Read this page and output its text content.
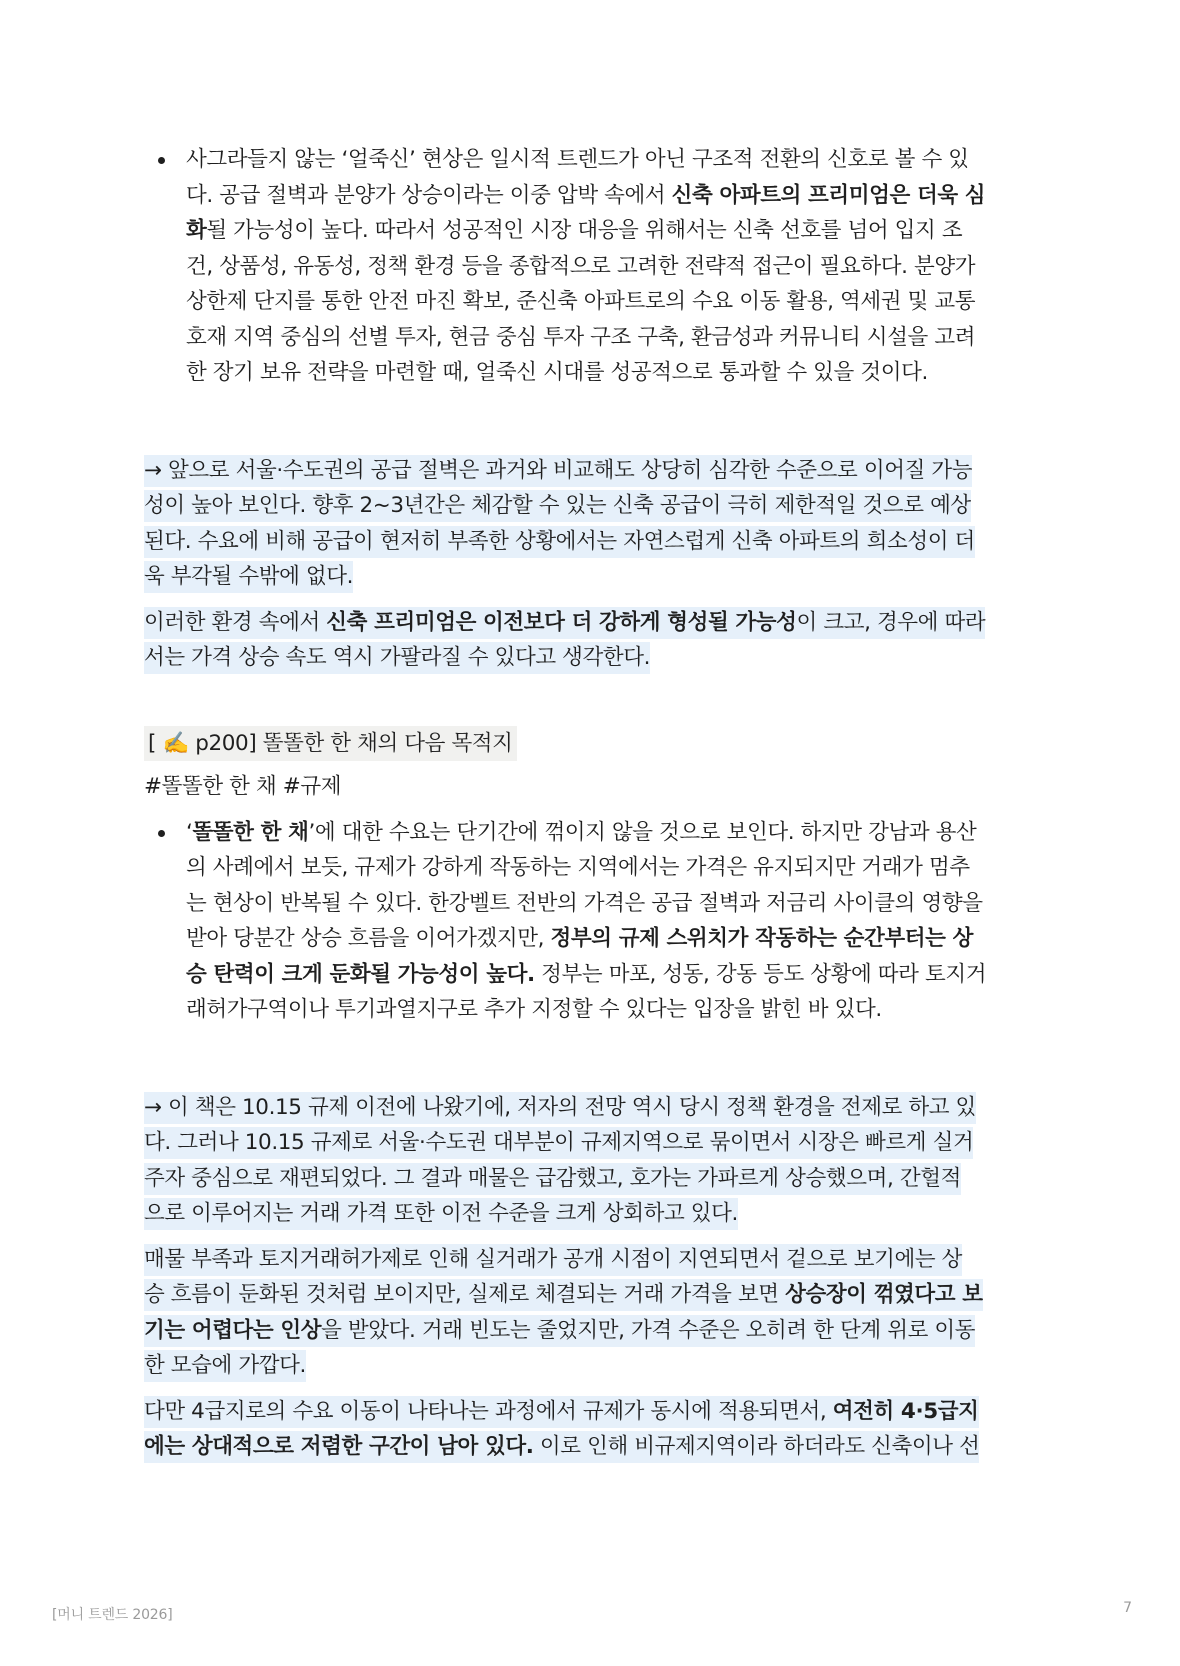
사그라들지 않는 ‘얼죽신’ 현상은 일시적 트렌드가 아닌 구조적 전환의 신호로 볼 수 있
다. 공급 절벽과 분양가 상승이라는 이중 압박 속에서 신축 아파트의 프리미엄은 더욱 심
화될 가능성이 높다. 따라서 성공적인 시장 대응을 위해서는 신축 선호를 넘어 입지 조
건, 상품성, 유동성, 정책 환경 등을 종합적으로 고려한 전략적 접근이 필요하다. 분양가
상한제 단지를 통한 안전 마진 확보, 준신축 아파트로의 수요 이동 활용, 역세권 및 교통
호재 지역 중심의 선별 투자, 현금 중심 투자 구조 구축, 환금성과 커뮤니티 시설을 고려
한 장기 보유 전략을 마련할 때, 얼죽신 시대를 성공적으로 통과할 수 있을 것이다.
→ 앞으로 서울·수도권의 공급 절벽은 과거와 비교해도 상당히 심각한 수준으로 이어질 가능
성이 높아 보인다. 향후 2~3년간은 체감할 수 있는 신축 공급이 극히 제한적일 것으로 예상
된다. 수요에 비해 공급이 현저히 부족한 상황에서는 자연스럽게 신축 아파트의 희소성이 더
욱 부각될 수밖에 없다.
이러한 환경 속에서 신축 프리미엄은 이전보다 더 강하게 형성될 가능성이 크고, 경우에 따라
서는 가격 상승 속도 역시 가팔라질 수 있다고 생각한다.
[ ✍️ p200] 똘똘한 한 채의 다음 목적지
#똘똘한 한 채 #규제
‘똘똘한 한 채’에 대한 수요는 단기간에 꺾이지 않을 것으로 보인다. 하지만 강남과 용산
의 사례에서 보듯, 규제가 강하게 작동하는 지역에서는 가격은 유지되지만 거래가 멈추
는 현상이 반복될 수 있다. 한강벨트 전반의 가격은 공급 절벽과 저금리 사이클의 영향을
받아 당분간 상승 흐름을 이어가겠지만, 정부의 규제 스위치가 작동하는 순간부터는 상
승 탄력이 크게 둔화될 가능성이 높다. 정부는 마포, 성동, 강동 등도 상황에 따라 토지거
래허가구역이나 투기과열지구로 추가 지정할 수 있다는 입장을 밝힌 바 있다.
→ 이 책은 10.15 규제 이전에 나왔기에, 저자의 전망 역시 당시 정책 환경을 전제로 하고 있
다. 그러나 10.15 규제로 서울·수도권 대부분이 규제지역으로 묶이면서 시장은 빠르게 실거
주자 중심으로 재편되었다. 그 결과 매물은 급감했고, 호가는 가파르게 상승했으며, 간헐적
으로 이루어지는 거래 가격 또한 이전 수준을 크게 상회하고 있다.
매물 부족과 토지거래허가제로 인해 실거래가 공개 시점이 지연되면서 겉으로 보기에는 상
승 흐름이 둔화된 것처럼 보이지만, 실제로 체결되는 거래 가격을 보면 상승장이 꺾였다고 보
기는 어렵다는 인상을 받았다. 거래 빈도는 줄었지만, 가격 수준은 오히려 한 단계 위로 이동
한 모습에 가깝다.
다만 4급지로의 수요 이동이 나타나는 과정에서 규제가 동시에 적용되면서, 여전히 4·5급지
에는 상대적으로 저렴한 구간이 남아 있다. 이로 인해 비규제지역이라 하더라도 신축이나 선
[머니 트렌드 2026]	7
